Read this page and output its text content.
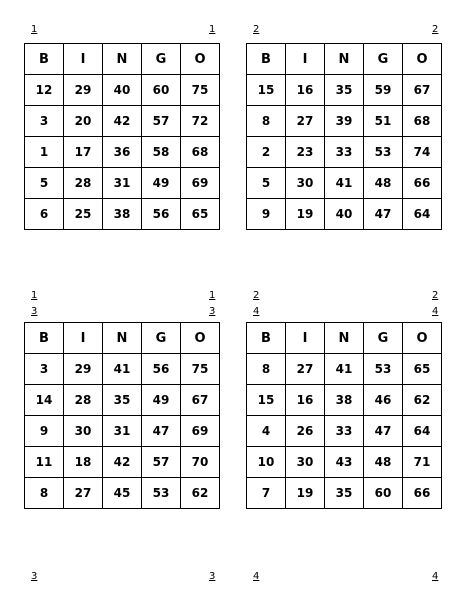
1	1	2	2
1	1
3	3
2	2
4	4
3	3	4	4
B	I	N	G	O
12	29	40	60	75
3	20	42	57	72
1	17	36	58	68
5	28	31	49	69
6	25	38	56	65
B	I	N	G	O
15	16	35	59	67
8	27	39	51	68
2	23	33	53	74
5	30	41	48	66
9	19	40	47	64
B	I	N	G	O
3	29	41	56	75
14	28	35	49	67
9	30	31	47	69
11	18	42	57	70
8	27	45	53	62
B	I	N	G	O
8	27	41	53	65
15	16	38	46	62
4	26	33	47	64
10	30	43	48	71
7	19	35	60	66
